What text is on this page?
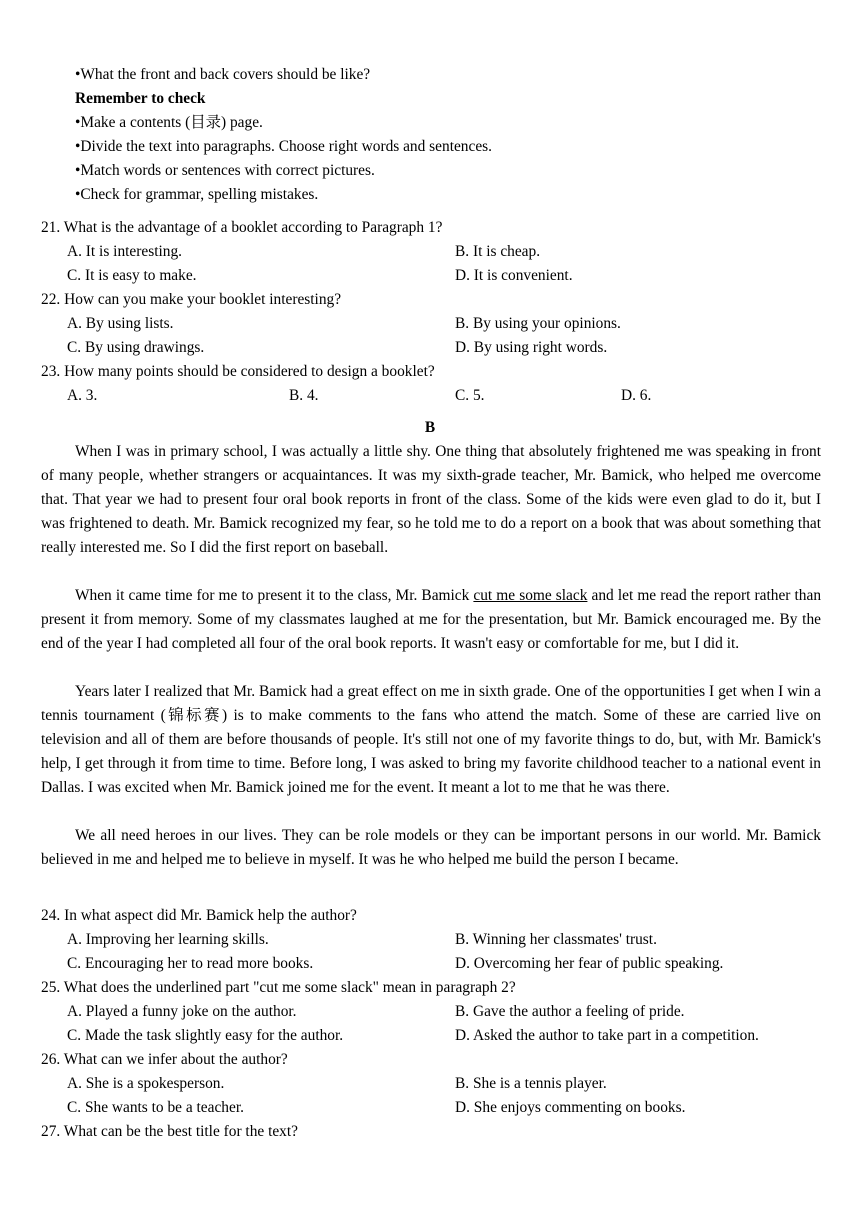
•What the front and back covers should be like?
Remember to check
•Make a contents (目录) page.
•Divide the text into paragraphs. Choose right words and sentences.
•Match words or sentences with correct pictures.
•Check for grammar, spelling mistakes.
21. What is the advantage of a booklet according to Paragraph 1?
A. It is interesting.	B. It is cheap.
C. It is easy to make.	D. It is convenient.
22. How can you make your booklet interesting?
A. By using lists.	B. By using your opinions.
C. By using drawings.	D. By using right words.
23. How many points should be considered to design a booklet?
A. 3.	B. 4.	C. 5.	D. 6.
B

When I was in primary school, I was actually a little shy. One thing that absolutely frightened me was speaking in front of many people, whether strangers or acquaintances. It was my sixth-grade teacher, Mr. Bamick, who helped me overcome that. That year we had to present four oral book reports in front of the class. Some of the kids were even glad to do it, but I was frightened to death. Mr. Bamick recognized my fear, so he told me to do a report on a book that was about something that really interested me. So I did the first report on baseball.

When it came time for me to present it to the class, Mr. Bamick cut me some slack and let me read the report rather than present it from memory. Some of my classmates laughed at me for the presentation, but Mr. Bamick encouraged me. By the end of the year I had completed all four of the oral book reports. It wasn't easy or comfortable for me, but I did it.

Years later I realized that Mr. Bamick had a great effect on me in sixth grade. One of the opportunities I get when I win a tennis tournament (锦标赛) is to make comments to the fans who attend the match. Some of these are carried live on television and all of them are before thousands of people. It's still not one of my favorite things to do, but, with Mr. Bamick's help, I get through it from time to time. Before long, I was asked to bring my favorite childhood teacher to a national event in Dallas. I was excited when Mr. Bamick joined me for the event. It meant a lot to me that he was there.

We all need heroes in our lives. They can be role models or they can be important persons in our world. Mr. Bamick believed in me and helped me to believe in myself. It was he who helped me build the person I became.

24. In what aspect did Mr. Bamick help the author?
A. Improving her learning skills.	B. Winning her classmates' trust.
C. Encouraging her to read more books.	D. Overcoming her fear of public speaking.
25. What does the underlined part "cut me some slack" mean in paragraph 2?
A. Played a funny joke on the author.	B. Gave the author a feeling of pride.
C. Made the task slightly easy for the author.	D. Asked the author to take part in a competition.
26. What can we infer about the author?
A. She is a spokesperson.	B. She is a tennis player.
C. She wants to be a teacher.	D. She enjoys commenting on books.
27. What can be the best title for the text?
